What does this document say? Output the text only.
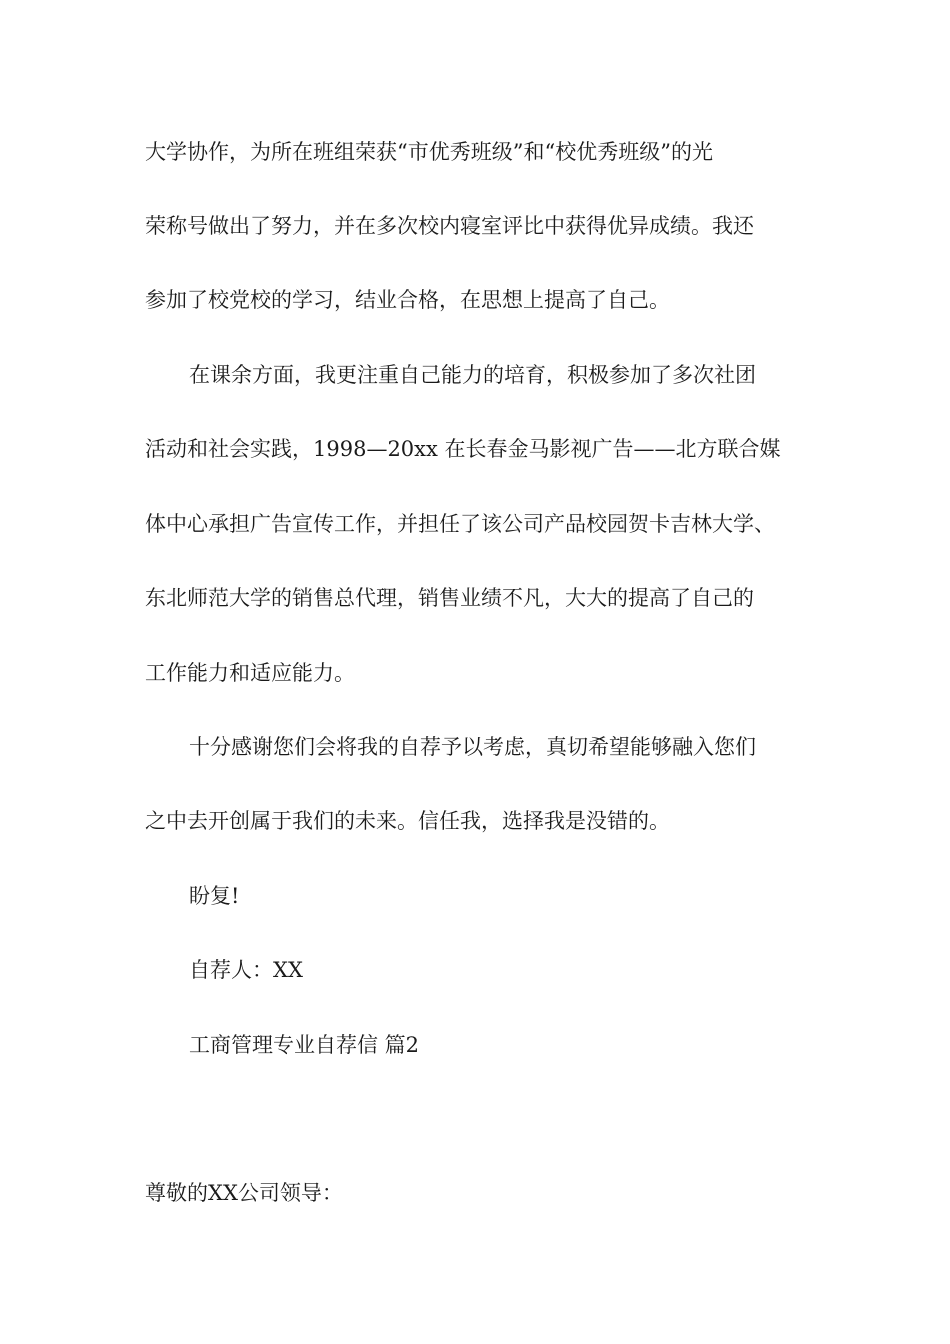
大学协作，为所在班组荣获“市优秀班级”和“校优秀班级”的光
荣称号做出了努力，并在多次校内寝室评比中获得优异成绩。我还
参加了校党校的学习，结业合格，在思想上提高了自己。
在课余方面，我更注重自己能力的培育，积极参加了多次社团
活动和社会实践，1998—20xx 在长春金马影视广告——北方联合媒
体中心承担广告宣传工作，并担任了该公司产品校园贺卡吉林大学、
东北师范大学的销售总代理，销售业绩不凡，大大的提高了自己的
工作能力和适应能力。
十分感谢您们会将我的自荐予以考虑，真切希望能够融入您们
之中去开创属于我们的未来。信任我，选择我是没错的。
盼复!
自荐人：XX
工商管理专业自荐信 篇2
尊敬的XX公司领导：
